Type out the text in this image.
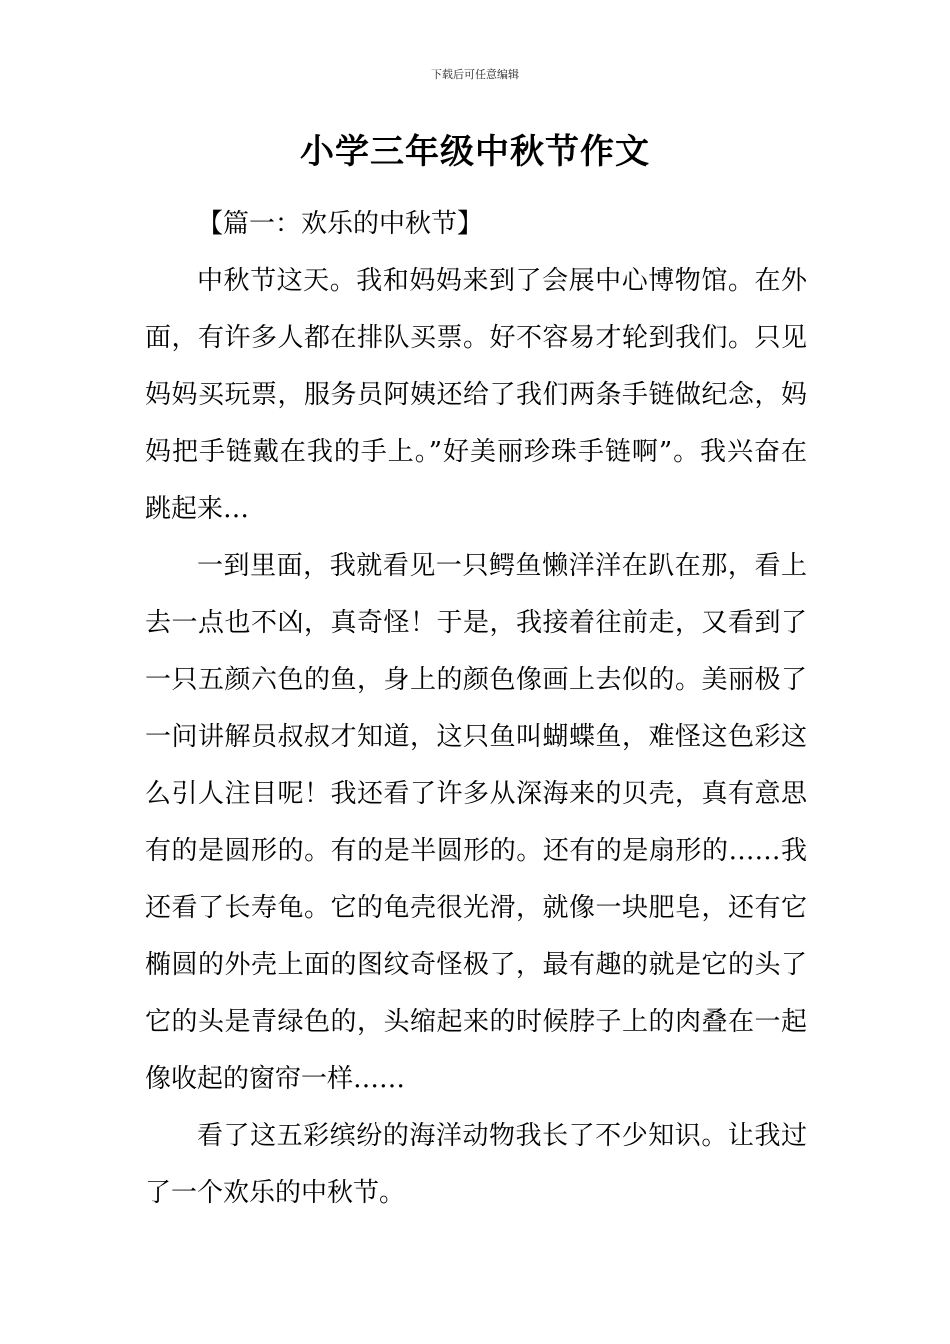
下载后可任意编辑
小学三年级中秋节作文

【篇一：欢乐的中秋节】

中秋节这天。我和妈妈来到了会展中心博物馆。在外面，有许多人都在排队买票。好不容易才轮到我们。只见妈妈买玩票，服务员阿姨还给了我们两条手链做纪念，妈妈把手链戴在我的手上。”好美丽珍珠手链啊”。我兴奋在跳起来…

一到里面，我就看见一只鳄鱼懒洋洋在趴在那，看上去一点也不凶，真奇怪！于是，我接着往前走，又看到了一只五颜六色的鱼，身上的颜色像画上去似的。美丽极了一问讲解员叔叔才知道，这只鱼叫蝴蝶鱼，难怪这色彩这么引人注目呢！我还看了许多从深海来的贝壳，真有意思有的是圆形的。有的是半圆形的。还有的是扇形的……我还看了长寿龟。它的龟壳很光滑，就像一块肥皂，还有它椭圆的外壳上面的图纹奇怪极了，最有趣的就是它的头了它的头是青绿色的，头缩起来的时候脖子上的肉叠在一起像收起的窗帘一样……

看了这五彩缤纷的海洋动物我长了不少知识。让我过了一个欢乐的中秋节。
